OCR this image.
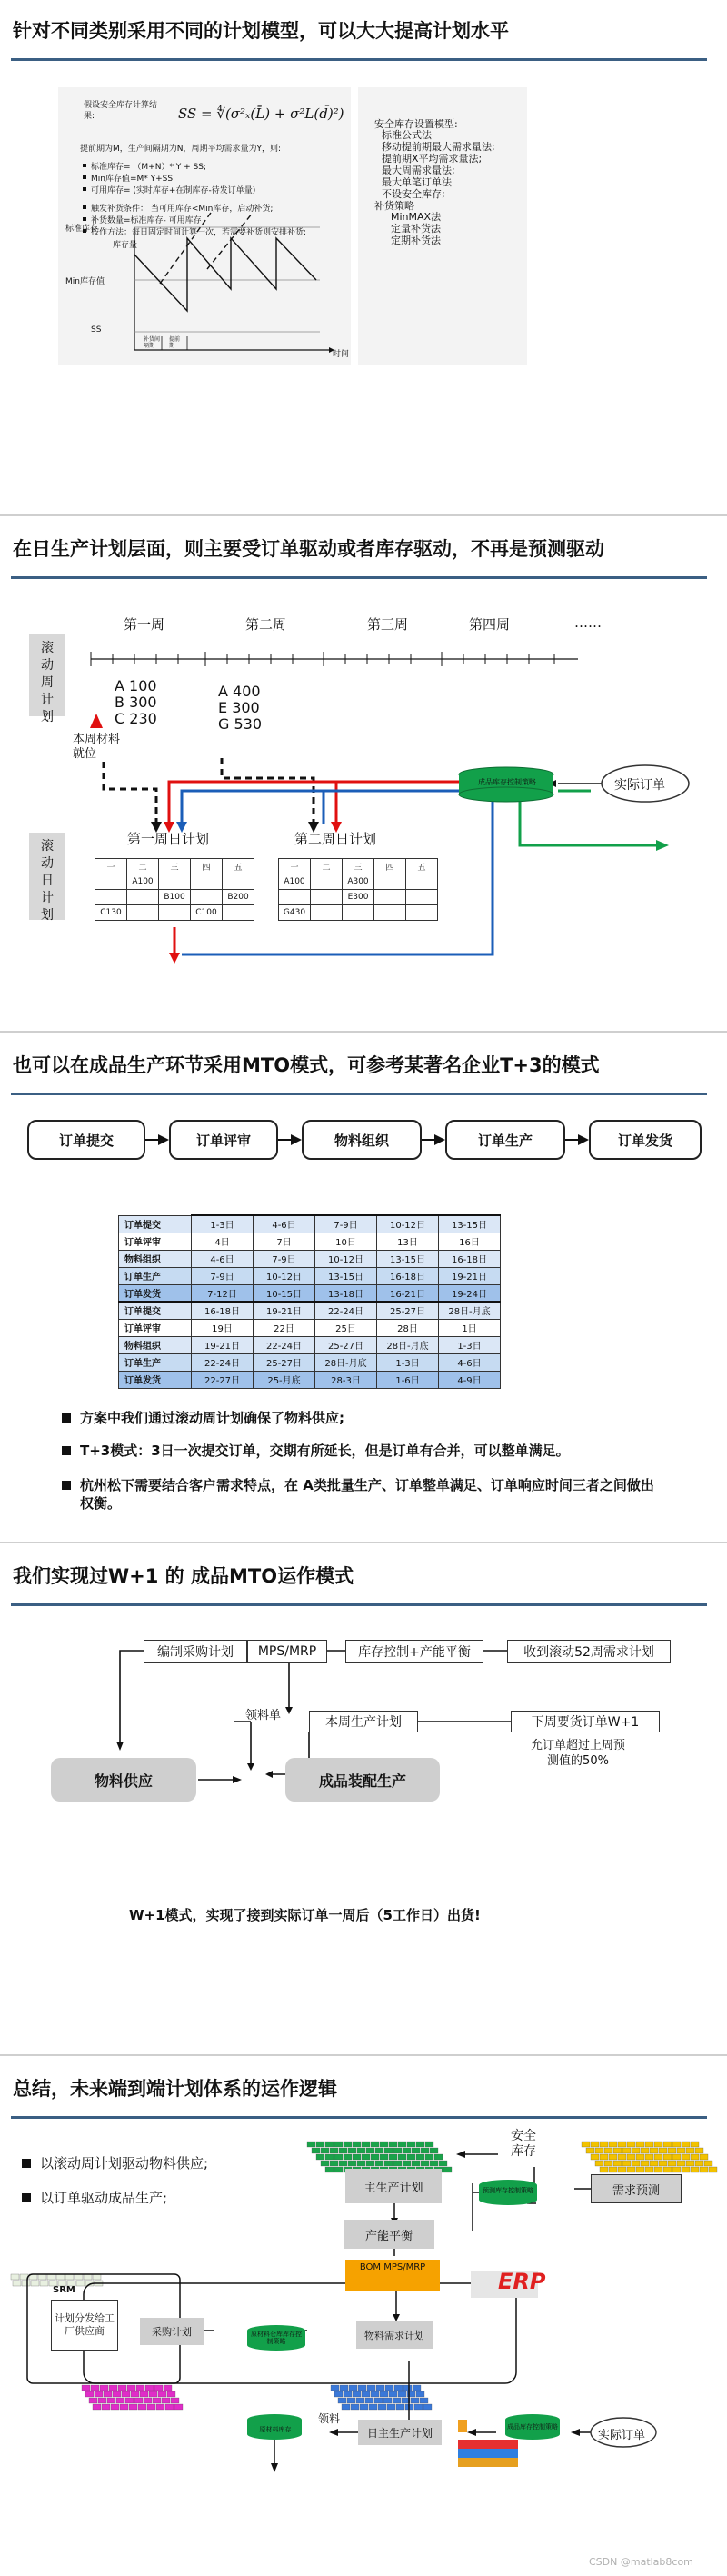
针对不同类别采用不同的计划模型，可以大大提高计划水平
假设安全库存计算结果:	SS = ∜(σ²ₓ(L̄) + σ²L(d̄)²)
提前期为M，生产间隔期为N，周期平均需求量为Y，则:
标准库存= （M+N）* Y + SS;
Min库存值=M* Y+SS
可用库存= (实时库存+在制库存-待发订单量)
触发补货条件： 当可用库存<Min库存，启动补货;
补货数量=标准库存- 可用库存
按作方法：每日固定时间计算一次，若需要补货则安排补货;
库存量
标准库存
Min库存值
SS
时间
补货间隔期
提前期
安全库存设置模型:
标准公式法
移动提前期最大需求量法;
提前期X平均需求量法;
最大周需求量法;
最大单笔订单法
不设安全库存;
补货策略
MinMAX法
定量补货法
定期补货法
在日生产计划层面，则主要受订单驱动或者库存驱动，不再是预测驱动
滚动周计划
滚动日计划
第一周	第二周	第三周	第四周	……
A 100
B 300
C 230
A 400
E 300
G 530
本周材料就位
第一周日计划	第二周日计划
成品库存控制策略	实际订单
一	二	三	四	五
	A100			
		B100		B200
C130			C100	
一	二	三	四	五
A100		A300		
		E300		
G430				
也可以在成品生产环节采用MTO模式，可参考某著名企业T+3的模式
订单提交	订单评审	物料组织	订单生产	订单发货
订单提交	1-3日	4-6日	7-9日	10-12日	13-15日
订单评审	4日	7日	10日	13日	16日
物料组织	4-6日	7-9日	10-12日	13-15日	16-18日
订单生产	7-9日	10-12日	13-15日	16-18日	19-21日
订单发货	7-12日	10-15日	13-18日	16-21日	19-24日
订单提交	16-18日	19-21日	22-24日	25-27日	28日-月底
订单评审	19日	22日	25日	28日	1日
物料组织	19-21日	22-24日	25-27日	28日-月底	1-3日
订单生产	22-24日	25-27日	28日-月底	1-3日	4-6日
订单发货	22-27日	25-月底	28-3日	1-6日	4-9日
方案中我们通过滚动周计划确保了物料供应;
T+3模式：3日一次提交订单，交期有所延长，但是订单有合并，可以整单满足。
杭州松下需要结合客户需求特点，在 A类批量生产、订单整单满足、订单响应时间三者之间做出权衡。
我们实现过W+1 的 成品MTO运作模式
编制采购计划	MPS/MRP	库存控制+产能平衡	收到滚动52周需求计划
本周生产计划	下周要货订单W+1
领料单
允订单超过上周预测值的50%
物料供应	成品装配生产
W+1模式，实现了接到实际订单一周后（5工作日）出货!
总结，未来端到端计划体系的运作逻辑
以滚动周计划驱动物料供应;
以订单驱动成品生产;
安全库存
主生产计划	预测库存控制策略	需求预测
产能平衡
BOM MPS/MRP
ERP
SRM
计划分发给工厂供应商	采购计划	原材料仓库库存控制策略	物料需求计划
领料
原材料库存	日主生产计划	成品库存控制策略
实际订单
CSDN @matlab8com
